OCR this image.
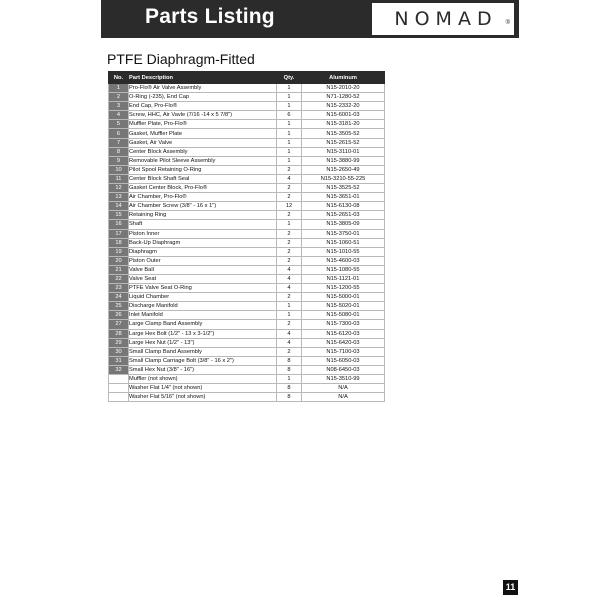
Parts Listing	NOMAD ®
PTFE Diaphragm-Fitted
No.	Part Description	Qty.	Aluminum
1	Pro-Flo® Air Valve Assembly	1	N15-2010-20
2	O-Ring (-235), End Cap	1	N71-1280-52
3	End Cap, Pro-Flo®	1	N15-2332-20
4	Screw, HHC, Air Vavle (7/16 -14 x 5 7/8")	6	N15-6001-03
5	Muffler Plate, Pro-Flo®	1	N15-3181-20
6	Gasket, Muffler Plate	1	N15-3505-52
7	Gasket, Air Valve	1	N15-2615-52
8	Center Block Assembly	1	N15-3110-01
9	Removable Pilot Sleeve Assembly	1	N15-3880-99
10	Pilot Spool Retaining O-Ring	2	N15-2650-49
11	Center Block Shaft Seal	4	N15-3210-55-225
12	Gasket Center Block, Pro-Flo®	2	N15-3525-52
13	Air Chamber, Pro-Flo®	2	N15-3651-01
14	Air Chamber Screw (3/8" - 16 x 1")	12	N15-6130-08
15	Retaining Ring	2	N15-2651-03
16	Shaft	1	N15-3805-09
17	Piston Inner	2	N15-3750-01
18	Back-Up Diaphragm	2	N15-1060-51
19	Diaphragm	2	N15-1010-55
20	Piston Outer	2	N15-4600-03
21	Valve Ball	4	N15-1080-55
22	Valve Seat	4	N15-1121-01
23	PTFE Valve Seat O-Ring	4	N15-1200-55
24	Liquid Chamber	2	N15-5000-01
25	Discharge Manifold	1	N15-5020-01
26	Inlet Manifold	1	N15-5080-01
27	Large Clamp Band Assembly	2	N15-7300-03
28	Large Hex Bolt (1/2" - 13 x 3-1/2")	4	N15-6120-03
29	Large Hex Nut (1/2" - 13")	4	N15-6420-03
30	Small Clamp Band Assembly	2	N15-7100-03
31	Small Clamp Carriage Bolt (3/8" - 16 x 2")	8	N15-6050-03
32	Small Hex Nut (3/8" - 16")	8	N08-6450-03
	Muffler (not shown)	1	N15-3510-99
	Washer Flat 1/4" (not shown)	8	N/A
	Washer Flat 5/16" (not shown)	8	N/A
11
